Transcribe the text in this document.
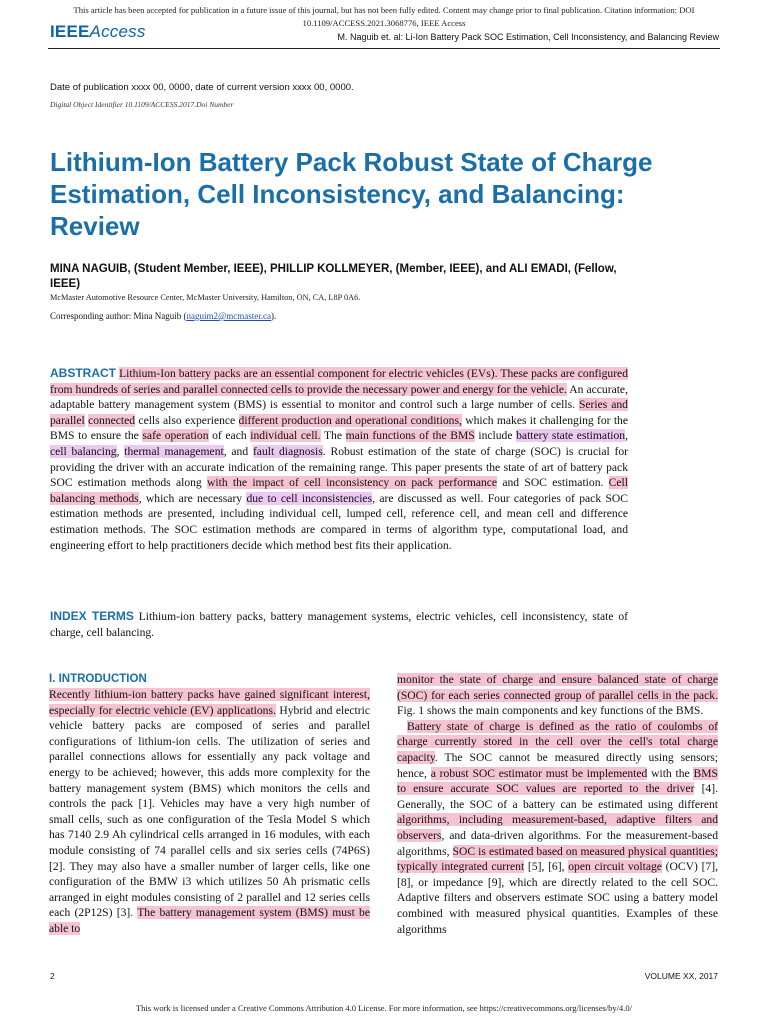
This article has been accepted for publication in a future issue of this journal, but has not been fully edited. Content may change prior to final publication. Citation information: DOI
10.1109/ACCESS.2021.3068776, IEEE Access
IEEEAccess	M. Naguib et. al: Li-Ion Battery Pack SOC Estimation, Cell Inconsistency, and Balancing Review
Date of publication xxxx 00, 0000, date of current version xxxx 00, 0000.
Digital Object Identifier 10.1109/ACCESS.2017.Doi Number
Lithium-Ion Battery Pack Robust State of Charge Estimation, Cell Inconsistency, and Balancing: Review
MINA NAGUIB, (Student Member, IEEE), PHILLIP KOLLMEYER, (Member, IEEE), and ALI EMADI, (Fellow, IEEE)
McMaster Automotive Resource Center, McMaster University, Hamilton, ON, CA, L8P 0A6.
Corresponding author: Mina Naguib (naguim2@mcmaster.ca).
ABSTRACT Lithium-Ion battery packs are an essential component for electric vehicles (EVs). These packs are configured from hundreds of series and parallel connected cells to provide the necessary power and energy for the vehicle. An accurate, adaptable battery management system (BMS) is essential to monitor and control such a large number of cells. Series and parallel connected cells also experience different production and operational conditions, which makes it challenging for the BMS to ensure the safe operation of each individual cell. The main functions of the BMS include battery state estimation, cell balancing, thermal management, and fault diagnosis. Robust estimation of the state of charge (SOC) is crucial for providing the driver with an accurate indication of the remaining range. This paper presents the state of art of battery pack SOC estimation methods along with the impact of cell inconsistency on pack performance and SOC estimation. Cell balancing methods, which are necessary due to cell inconsistencies, are discussed as well. Four categories of pack SOC estimation methods are presented, including individual cell, lumped cell, reference cell, and mean cell and difference estimation methods. The SOC estimation methods are compared in terms of algorithm type, computational load, and engineering effort to help practitioners decide which method best fits their application.
INDEX TERMS Lithium-ion battery packs, battery management systems, electric vehicles, cell inconsistency, state of charge, cell balancing.
I. INTRODUCTION

Recently lithium-ion battery packs have gained significant interest, especially for electric vehicle (EV) applications. Hybrid and electric vehicle battery packs are composed of series and parallel configurations of lithium-ion cells. The utilization of series and parallel connections allows for essentially any pack voltage and energy to be achieved; however, this adds more complexity for the battery management system (BMS) which monitors the cells and controls the pack [1]. Vehicles may have a very high number of small cells, such as one configuration of the Tesla Model S which has 7140 2.9 Ah cylindrical cells arranged in 16 modules, with each module consisting of 74 parallel cells and six series cells (74P6S) [2]. They may also have a smaller number of larger cells, like one configuration of the BMW i3 which utilizes 50 Ah prismatic cells arranged in eight modules consisting of 2 parallel and 12 series cells each (2P12S) [3]. The battery management system (BMS) must be able to

monitor the state of charge and ensure balanced state of charge (SOC) for each series connected group of parallel cells in the pack. Fig. 1 shows the main components and key functions of the BMS.

Battery state of charge is defined as the ratio of coulombs of charge currently stored in the cell over the cell's total charge capacity. The SOC cannot be measured directly using sensors; hence, a robust SOC estimator must be implemented with the BMS to ensure accurate SOC values are reported to the driver [4]. Generally, the SOC of a battery can be estimated using different algorithms, including measurement-based, adaptive filters and observers, and data-driven algorithms. For the measurement-based algorithms, SOC is estimated based on measured physical quantities; typically integrated current [5], [6], open circuit voltage (OCV) [7], [8], or impedance [9], which are directly related to the cell SOC. Adaptive filters and observers estimate SOC using a battery model combined with measured physical quantities. Examples of these algorithms

2	VOLUME XX, 2017
This work is licensed under a Creative Commons Attribution 4.0 License. For more information, see https://creativecommons.org/licenses/by/4.0/
